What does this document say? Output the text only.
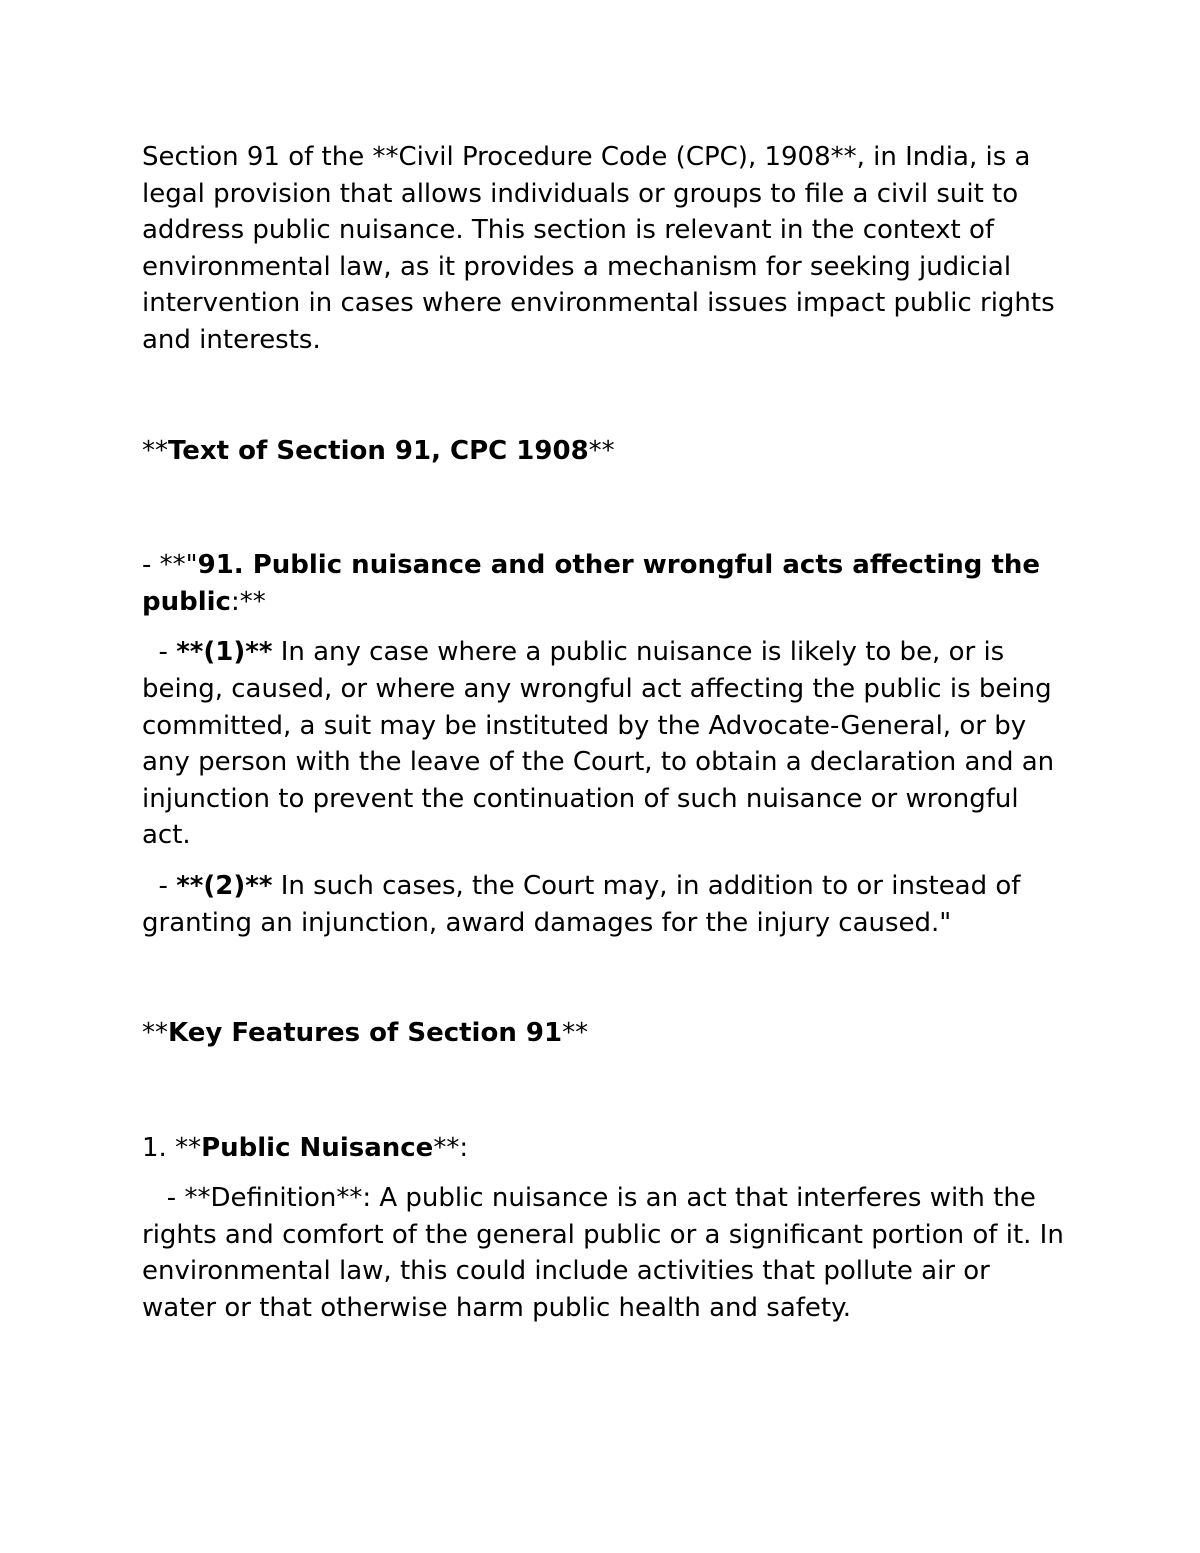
Section 91 of the **Civil Procedure Code (CPC), 1908**, in India, is a legal provision that allows individuals or groups to file a civil suit to address public nuisance. This section is relevant in the context of environmental law, as it provides a mechanism for seeking judicial intervention in cases where environmental issues impact public rights and interests.

**Text of Section 91, CPC 1908**

- **"91. Public nuisance and other wrongful acts affecting the public:**

- **(1)** In any case where a public nuisance is likely to be, or is being, caused, or where any wrongful act affecting the public is being committed, a suit may be instituted by the Advocate-General, or by any person with the leave of the Court, to obtain a declaration and an injunction to prevent the continuation of such nuisance or wrongful act.

- **(2)** In such cases, the Court may, in addition to or instead of granting an injunction, award damages for the injury caused."

**Key Features of Section 91**

1. **Public Nuisance**:

- **Definition**: A public nuisance is an act that interferes with the rights and comfort of the general public or a significant portion of it. In environmental law, this could include activities that pollute air or water or that otherwise harm public health and safety.
